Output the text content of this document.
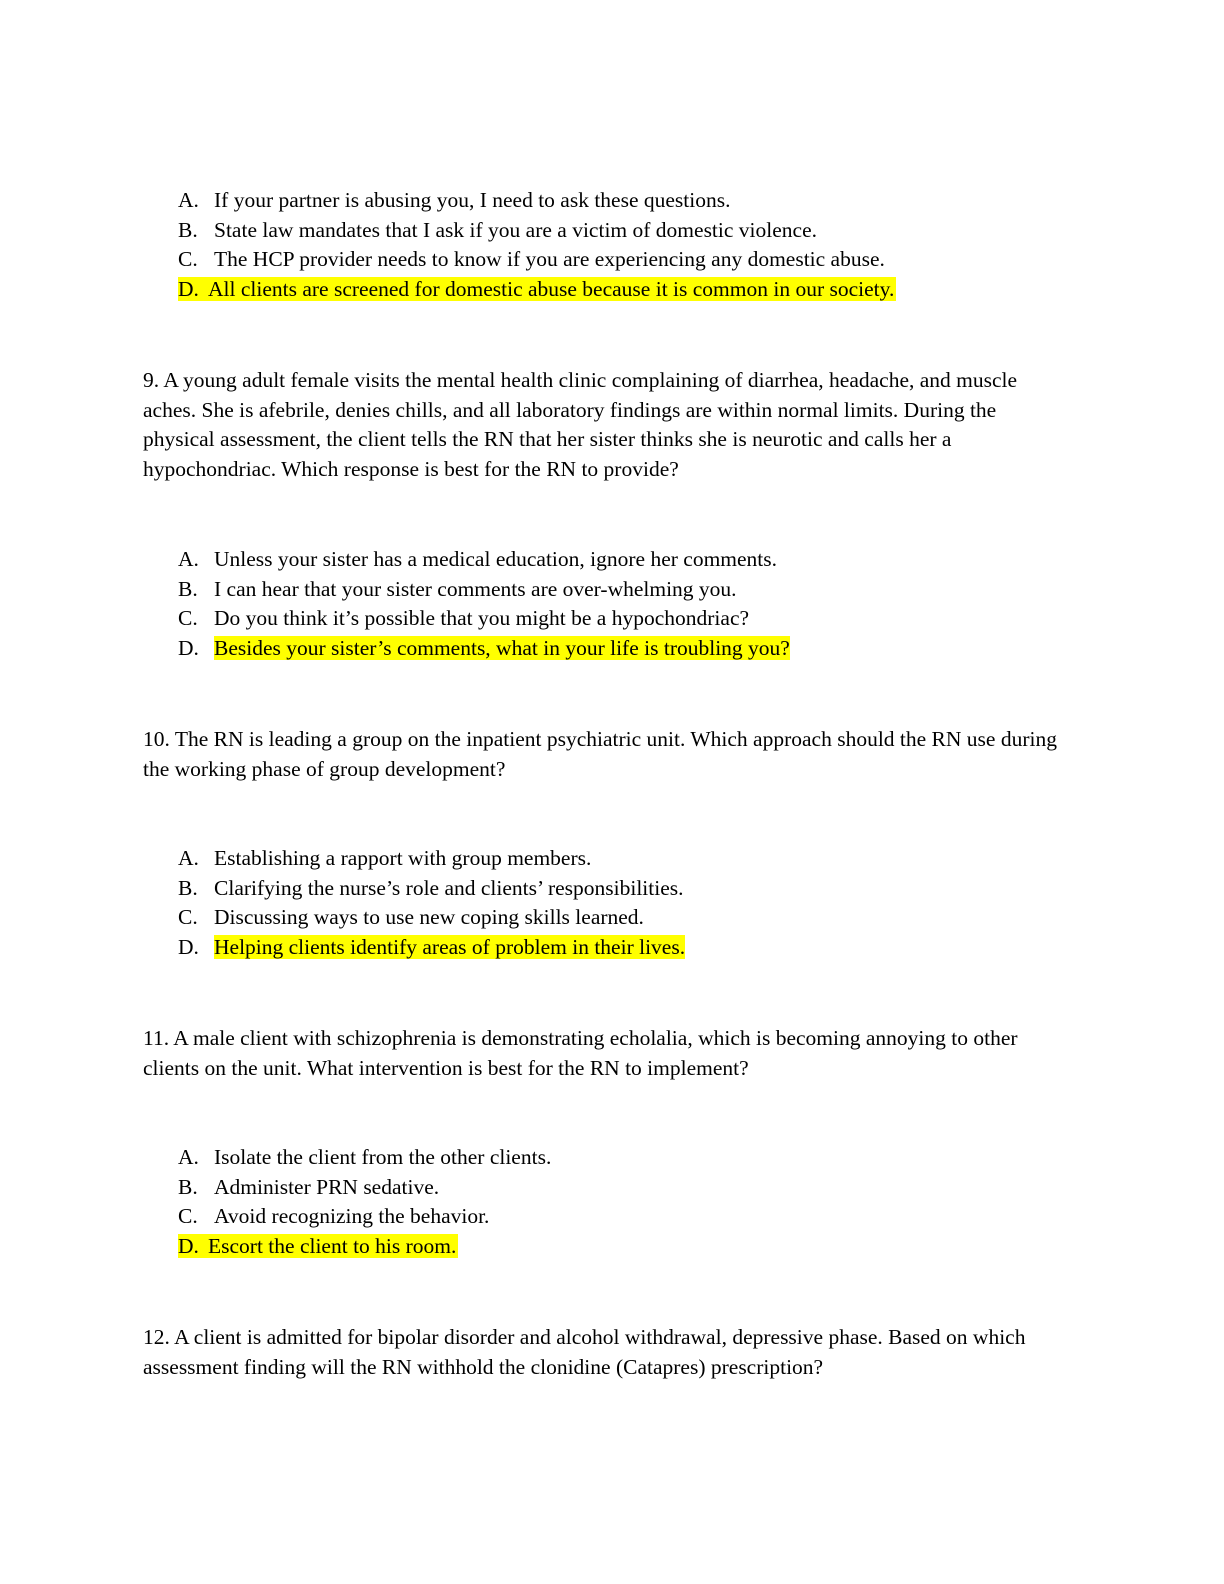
A. If your partner is abusing you, I need to ask these questions.
B. State law mandates that I ask if you are a victim of domestic violence.
C. The HCP provider needs to know if you are experiencing any domestic abuse.
D. All clients are screened for domestic abuse because it is common in our society.

9. A young adult female visits the mental health clinic complaining of diarrhea, headache, and muscle aches. She is afebrile, denies chills, and all laboratory findings are within normal limits. During the physical assessment, the client tells the RN that her sister thinks she is neurotic and calls her a hypochondriac. Which response is best for the RN to provide?

A. Unless your sister has a medical education, ignore her comments.
B. I can hear that your sister comments are over-whelming you.
C. Do you think it’s possible that you might be a hypochondriac?
D. Besides your sister’s comments, what in your life is troubling you?

10. The RN is leading a group on the inpatient psychiatric unit. Which approach should the RN use during the working phase of group development?

A. Establishing a rapport with group members.
B. Clarifying the nurse’s role and clients’ responsibilities.
C. Discussing ways to use new coping skills learned.
D. Helping clients identify areas of problem in their lives.

11. A male client with schizophrenia is demonstrating echolalia, which is becoming annoying to other clients on the unit. What intervention is best for the RN to implement?

A. Isolate the client from the other clients.
B. Administer PRN sedative.
C. Avoid recognizing the behavior.
D. Escort the client to his room.

12. A client is admitted for bipolar disorder and alcohol withdrawal, depressive phase. Based on which assessment finding will the RN withhold the clonidine (Catapres) prescription?
